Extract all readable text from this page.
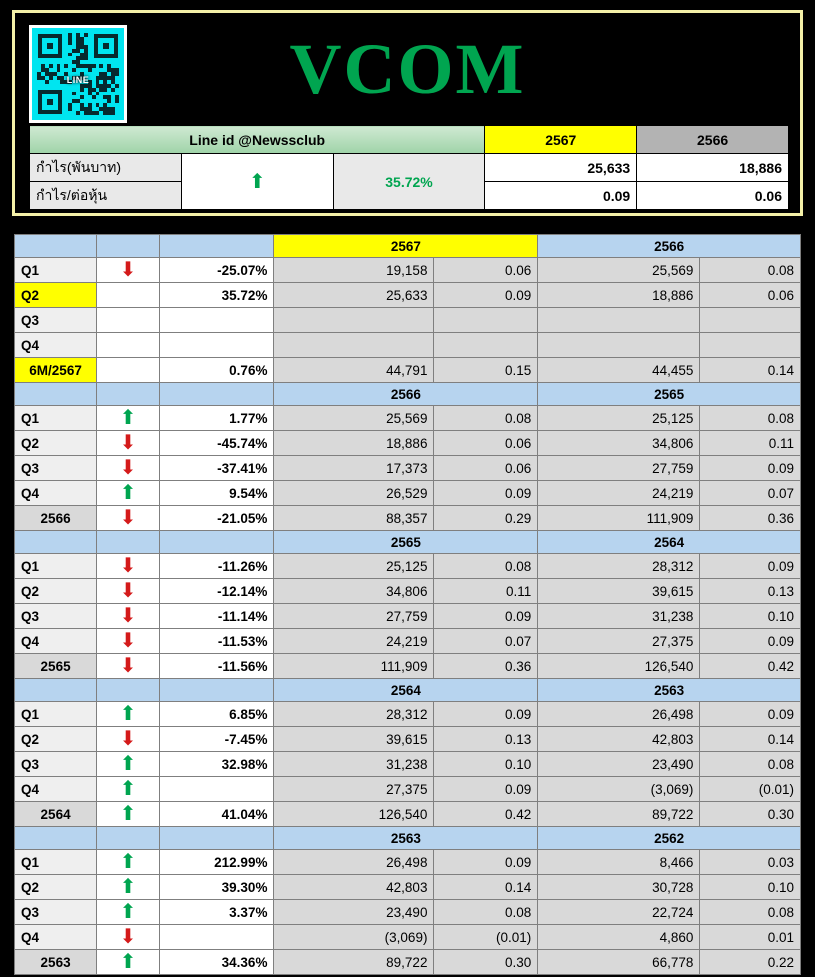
LINE	VCOM
Line id @Newssclub			2567	2566
กำไร(พันบาท)	⬆	35.72%	25,633	18,886
กำไร/ต่อหุ้น			0.09	0.06
			2567		2566	
Q1	⬇	-25.07%	19,158	0.06	25,569	0.08
Q2		35.72%	25,633	0.09	18,886	0.06
Q3						
Q4						
6M/2567		0.76%	44,791	0.15	44,455	0.14
			2566		2565	
Q1	⬆	1.77%	25,569	0.08	25,125	0.08
Q2	⬇	-45.74%	18,886	0.06	34,806	0.11
Q3	⬇	-37.41%	17,373	0.06	27,759	0.09
Q4	⬆	9.54%	26,529	0.09	24,219	0.07
2566	⬇	-21.05%	88,357	0.29	111,909	0.36
			2565		2564	
Q1	⬇	-11.26%	25,125	0.08	28,312	0.09
Q2	⬇	-12.14%	34,806	0.11	39,615	0.13
Q3	⬇	-11.14%	27,759	0.09	31,238	0.10
Q4	⬇	-11.53%	24,219	0.07	27,375	0.09
2565	⬇	-11.56%	111,909	0.36	126,540	0.42
			2564		2563	
Q1	⬆	6.85%	28,312	0.09	26,498	0.09
Q2	⬇	-7.45%	39,615	0.13	42,803	0.14
Q3	⬆	32.98%	31,238	0.10	23,490	0.08
Q4	⬆		27,375	0.09	(3,069)	(0.01)
2564	⬆	41.04%	126,540	0.42	89,722	0.30
			2563		2562	
Q1	⬆	212.99%	26,498	0.09	8,466	0.03
Q2	⬆	39.30%	42,803	0.14	30,728	0.10
Q3	⬆	3.37%	23,490	0.08	22,724	0.08
Q4	⬇		(3,069)	(0.01)	4,860	0.01
2563	⬆	34.36%	89,722	0.30	66,778	0.22
